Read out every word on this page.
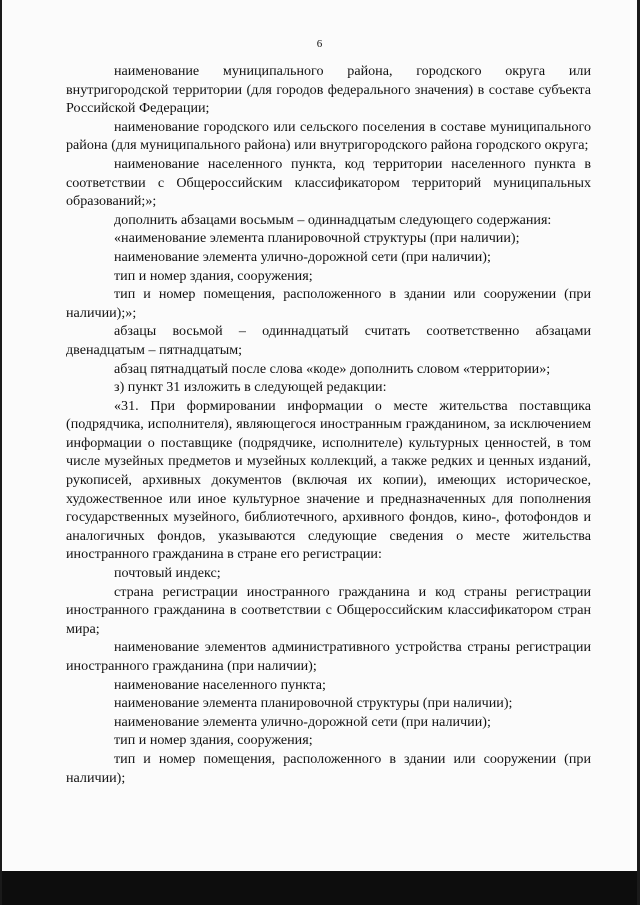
6

наименование муниципального района, городского округа или внутригородской территории (для городов федерального значения) в составе субъекта Российской Федерации;

наименование городского или сельского поселения в составе муниципального района (для муниципального района) или внутригородского района городского округа;

наименование населенного пункта, код территории населенного пункта в соответствии с Общероссийским классификатором территорий муниципальных образований;»;

дополнить абзацами восьмым – одиннадцатым следующего содержания:

«наименование элемента планировочной структуры (при наличии);

наименование элемента улично-дорожной сети (при наличии);

тип и номер здания, сооружения;

тип и номер помещения, расположенного в здании или сооружении (при наличии);»;

абзацы восьмой – одиннадцатый считать соответственно абзацами двенадцатым – пятнадцатым;

абзац пятнадцатый после слова «коде» дополнить словом «территории»;

з) пункт 31 изложить в следующей редакции:

«31. При формировании информации о месте жительства поставщика (подрядчика, исполнителя), являющегося иностранным гражданином, за исключением информации о поставщике (подрядчике, исполнителе) культурных ценностей, в том числе музейных предметов и музейных коллекций, а также редких и ценных изданий, рукописей, архивных документов (включая их копии), имеющих историческое, художественное или иное культурное значение и предназначенных для пополнения государственных музейного, библиотечного, архивного фондов, кино-, фотофондов и аналогичных фондов, указываются следующие сведения о месте жительства иностранного гражданина в стране его регистрации:

почтовый индекс;

страна регистрации иностранного гражданина и код страны регистрации иностранного гражданина в соответствии с Общероссийским классификатором стран мира;

наименование элементов административного устройства страны регистрации иностранного гражданина (при наличии);

наименование населенного пункта;

наименование элемента планировочной структуры (при наличии);

наименование элемента улично-дорожной сети (при наличии);

тип и номер здания, сооружения;

тип и номер помещения, расположенного в здании или сооружении (при наличии);
